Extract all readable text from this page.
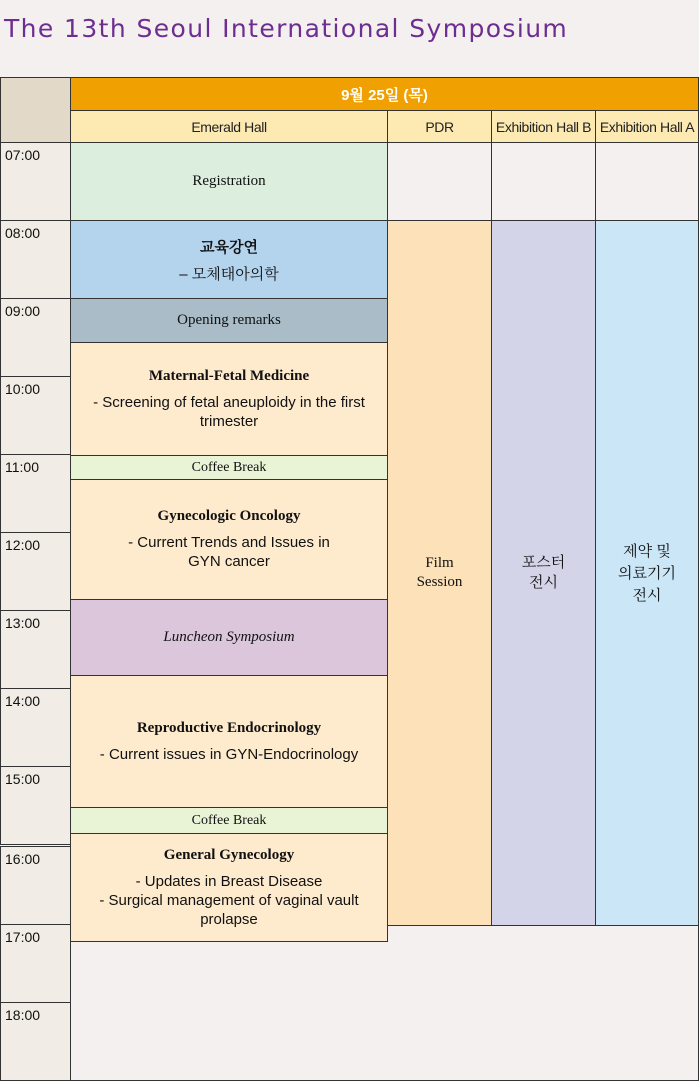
The 13th Seoul International Symposium
9월 25일 (목)
Emerald Hall	PDR	Exhibition Hall B Exhibition Hall A
07:00
08:00
09:00
10:00
11:00
12:00
13:00
14:00
15:00
16:00
17:00
18:00
Registration
교육강연
– 모체태아의학
Opening remarks
Maternal-Fetal Medicine
- Screening of fetal aneuploidy in the first trimester
Coffee Break
Gynecologic Oncology
- Current Trends and Issues in GYN cancer
Luncheon Symposium
Reproductive Endocrinology
- Current issues in GYN-Endocrinology
Coffee Break
General Gynecology
- Updates in Breast Disease
- Surgical management of vaginal vault prolapse
Film
Session
포스터
전시
제약 및
의료기기
전시
